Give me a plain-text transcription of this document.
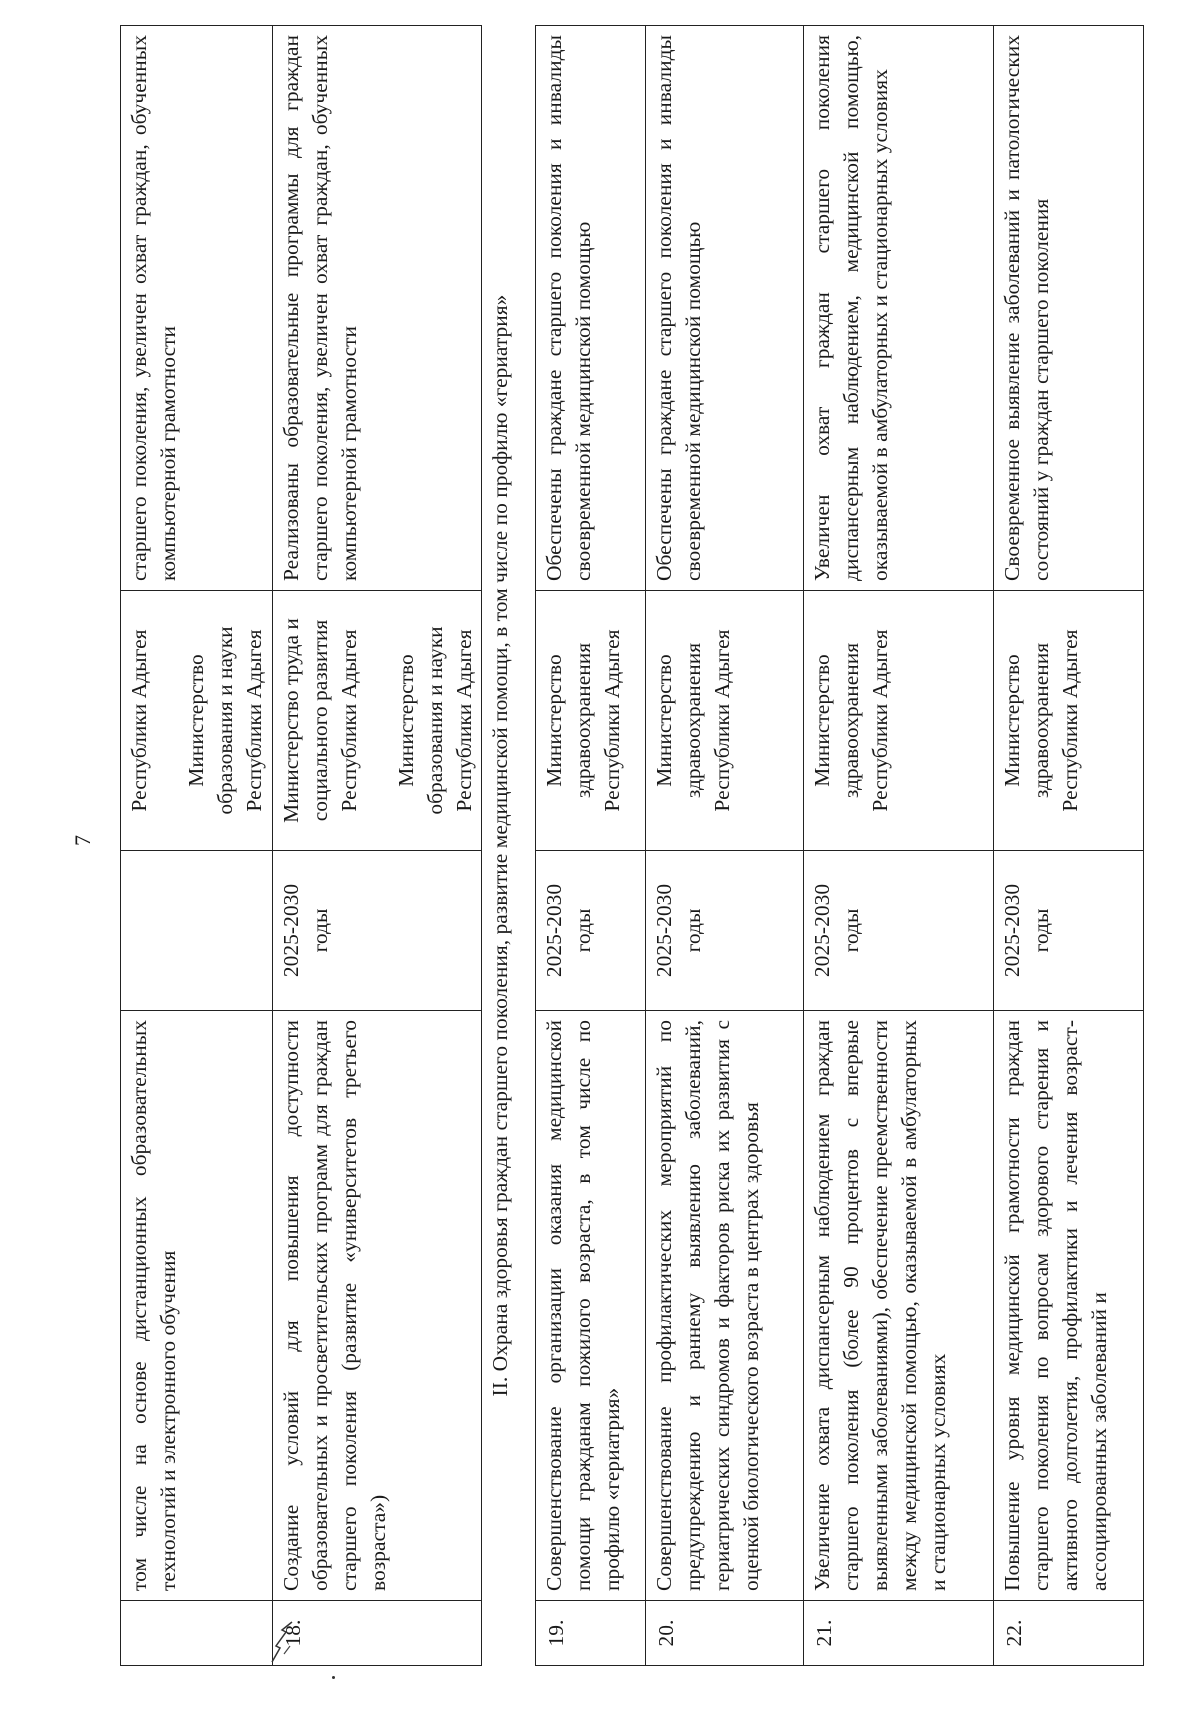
7
	том числе на основе дистанционных образовательных технологий и электронного обучения		Республики Адыгея Министерство образования и науки Республики Адыгея	старшего поколения, увеличен охват граждан, обученных компьютерной грамотности
18.	Создание условий для повышения доступности образовательных и просветительских программ для граждан старшего поколения (развитие «университетов третьего возраста»)	2025-2030 годы	Министерство труда и социального развития Республики Адыгея Министерство образования и науки Республики Адыгея	Реализованы образовательные программы для граждан старшего поколения, увеличен охват граждан, обученных компьютерной грамотности
II. Охрана здоровья граждан старшего поколения, развитие медицинской помощи, в том числе по профилю «гериатрия»				
19.	Совершенствование организации оказания медицинской помощи гражданам пожилого возраста, в том числе по профилю «гериатрия»	2025-2030 годы	Министерство здравоохранения Республики Адыгея	Обеспечены граждане старшего поколения и инвалиды своевременной медицинской помощью
20.	Совершенствование профилактических мероприятий по предупреждению и раннему выявлению заболеваний, гериатрических синдромов и факторов риска их развития с оценкой биологического возраста в центрах здоровья	2025-2030 годы	Министерство здравоохранения Республики Адыгея	Обеспечены граждане старшего поколения и инвалиды своевременной медицинской помощью
21.	Увеличение охвата диспансерным наблюдением граждан старшего поколения (более 90 процентов с впервые выявленными заболеваниями), обеспечение преемственности между медицинской помощью, оказываемой в амбулаторных и стационарных условиях	2025-2030 годы	Министерство здравоохранения Республики Адыгея	Увеличен охват граждан старшего поколения диспансерным наблюдением, медицинской помощью, оказываемой в амбулаторных и стационарных условиях
22.	Повышение уровня медицинской грамотности граждан старшего поколения по вопросам здорового старения и активного долголетия, профилактики и лечения возраст-ассоциированных заболеваний и	2025-2030 годы	Министерство здравоохранения Республики Адыгея	Своевременное выявление заболеваний и патологических состояний у граждан старшего поколения
